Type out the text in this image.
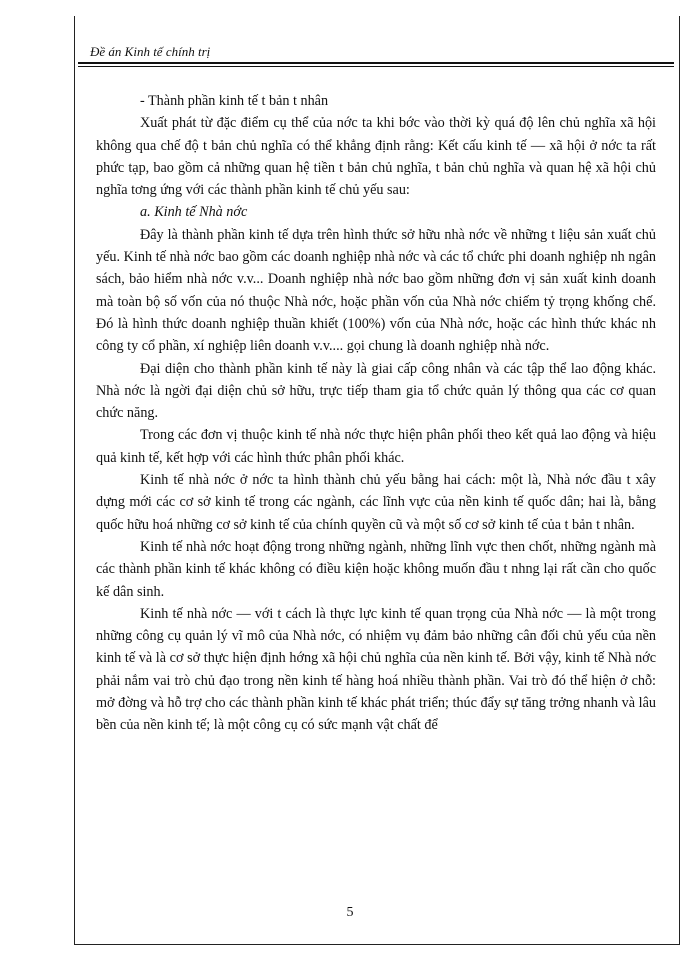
Đề án Kinh tế chính trị

- Thành phần kinh tế t bản t nhân

Xuất phát từ đặc điểm cụ thể của nớc ta khi bớc vào thời kỳ quá độ lên chủ nghĩa xã hội không qua chế độ t bản chủ nghĩa có thể khẳng định rằng: Kết cấu kinh tế — xã hội ở nớc ta rất phức tạp, bao gồm cả những quan hệ tiền t bản chủ nghĩa, t bản chủ nghĩa và quan hệ xã hội chủ nghĩa tơng ứng với các thành phần kinh tế chủ yếu sau:

a. Kinh tế Nhà nớc

Đây là thành phần kinh tế dựa trên hình thức sở hữu nhà nớc về những t liệu sản xuất chủ yếu. Kinh tế nhà nớc bao gồm các doanh nghiệp nhà nớc và các tổ chức phi doanh nghiệp nh ngân sách, bảo hiểm nhà nớc v.v... Doanh nghiệp nhà nớc bao gồm những đơn vị sản xuất kinh doanh mà toàn bộ số vốn của nó thuộc Nhà nớc, hoặc phần vốn của Nhà nớc chiếm tỷ trọng khống chế. Đó là hình thức doanh nghiệp thuần khiết (100%) vốn của Nhà nớc, hoặc các hình thức khác nh công ty cổ phần, xí nghiệp liên doanh v.v.... gọi chung là doanh nghiệp nhà nớc.

Đại diện cho thành phần kinh tế này là giai cấp công nhân và các tập thể lao động khác. Nhà nớc là ngời đại diện chủ sở hữu, trực tiếp tham gia tổ chức quản lý thông qua các cơ quan chức năng.

Trong các đơn vị thuộc kinh tế nhà nớc thực hiện phân phối theo kết quả lao động và hiệu quả kinh tế, kết hợp với các hình thức phân phối khác.

Kinh tế nhà nớc ở nớc ta hình thành chủ yếu bằng hai cách: một là, Nhà nớc đầu t xây dựng mới các cơ sở kinh tế trong các ngành, các lĩnh vực của nền kinh tế quốc dân; hai là, bằng quốc hữu hoá những cơ sở kinh tế của chính quyền cũ và một số cơ sở kinh tế của t bản t nhân.

Kinh tế nhà nớc hoạt động trong những ngành, những lĩnh vực then chốt, những ngành mà các thành phần kinh tế khác không có điều kiện hoặc không muốn đầu t nhng lại rất cần cho quốc kế dân sinh.

Kinh tế nhà nớc — với t cách là thực lực kinh tế quan trọng của Nhà nớc — là một trong những công cụ quản lý vĩ mô của Nhà nớc, có nhiệm vụ đảm bảo những cân đối chủ yếu của nền kinh tế và là cơ sở thực hiện định hớng xã hội chủ nghĩa của nền kinh tế. Bởi vậy, kinh tế Nhà nớc phải nắm vai trò chủ đạo trong nền kinh tế hàng hoá nhiều thành phần. Vai trò đó thể hiện ở chỗ: mở đờng và hỗ trợ cho các thành phần kinh tế khác phát triển; thúc đẩy sự tăng trởng nhanh và lâu bền của nền kinh tế; là một công cụ có sức mạnh vật chất để

5
